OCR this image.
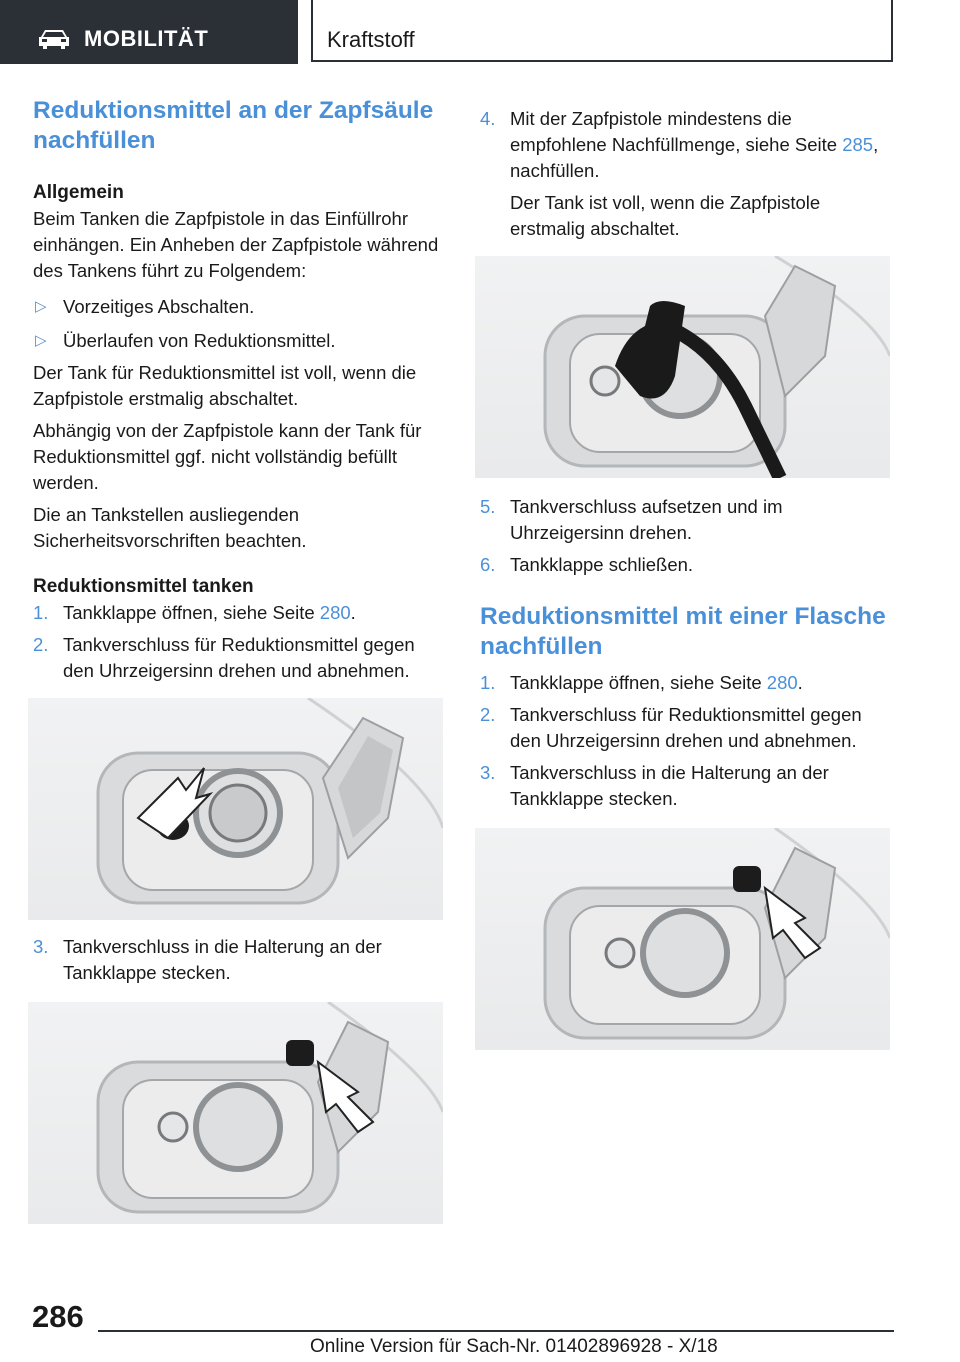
MOBILITÄT	Kraftstoff
Reduktionsmittel an der Zapfsäule nachfüllen
Allgemein

Beim Tanken die Zapfpistole in das Einfüllrohr einhängen. Ein Anheben der Zapfpistole während des Tankens führt zu Folgendem:

▷ Vorzeitiges Abschalten.
▷ Überlaufen von Reduktionsmittel.

Der Tank für Reduktionsmittel ist voll, wenn die Zapfpistole erstmalig abschaltet.

Abhängig von der Zapfpistole kann der Tank für Reduktionsmittel ggf. nicht vollständig befüllt werden.

Die an Tankstellen ausliegenden Sicherheitsvorschriften beachten.

Reduktionsmittel tanken
1. Tankklappe öffnen, siehe Seite 280.
2. Tankverschluss für Reduktionsmittel gegen den Uhrzeigersinn drehen und abnehmen.
3. Tankverschluss in die Halterung an der Tankklappe stecken.
4. Mit der Zapfpistole mindestens die empfohlene Nachfüllmenge, siehe Seite 285, nachfüllen.

Der Tank ist voll, wenn die Zapfpistole erstmalig abschaltet.

5. Tankverschluss aufsetzen und im Uhrzeigersinn drehen.
6. Tankklappe schließen.
Reduktionsmittel mit einer Flasche nachfüllen
1. Tankklappe öffnen, siehe Seite 280.
2. Tankverschluss für Reduktionsmittel gegen den Uhrzeigersinn drehen und abnehmen.
3. Tankverschluss in die Halterung an der Tankklappe stecken.
286
Online Version für Sach-Nr. 01402896928 - X/18
